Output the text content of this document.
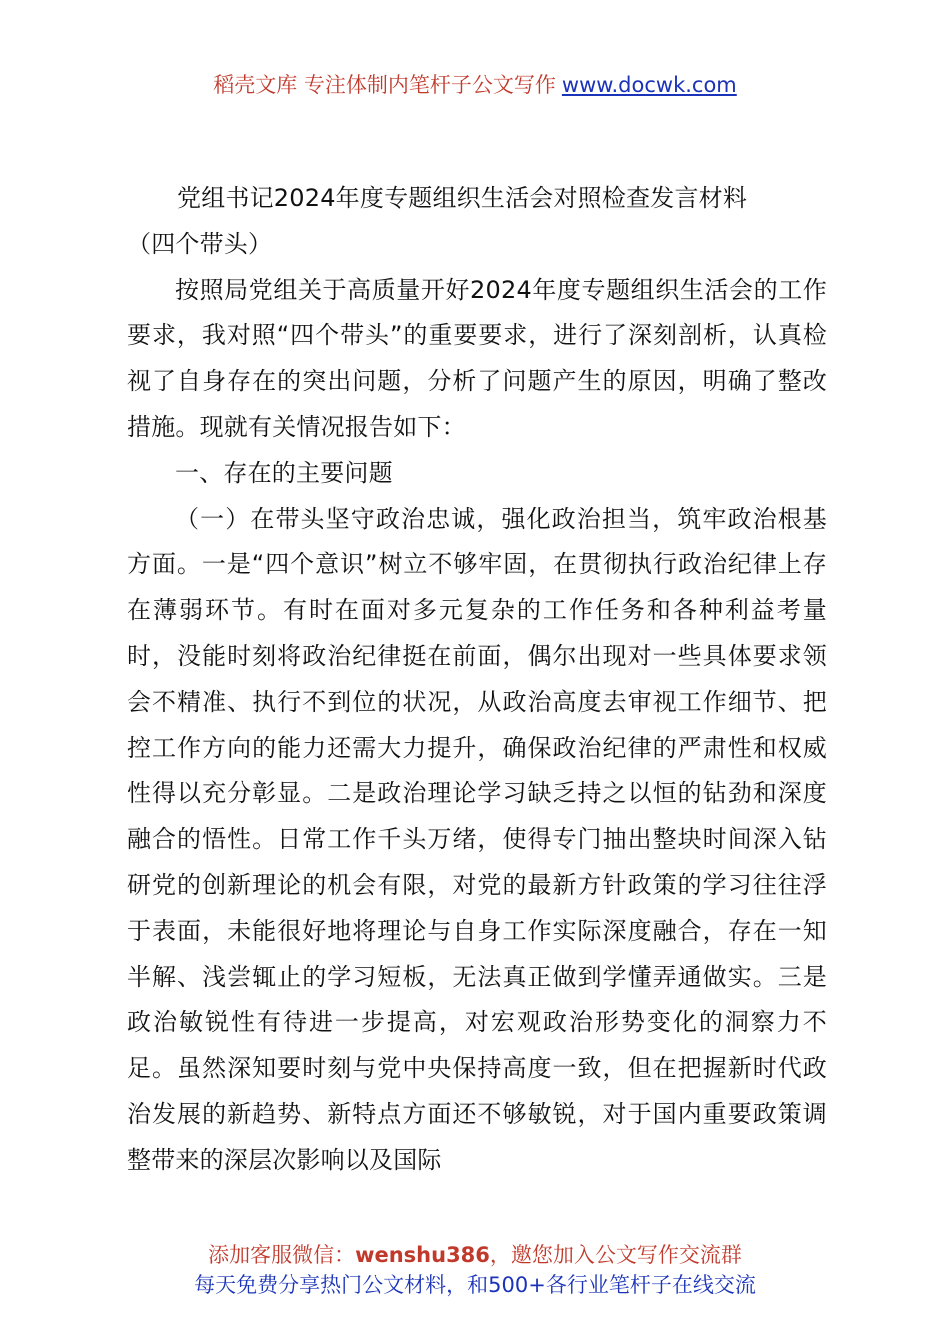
稻壳文库 专注体制内笔杆子公文写作 www.docwk.com
党组书记2024年度专题组织生活会对照检查发言材料
（四个带头）

按照局党组关于高质量开好2024年度专题组织生活会的工作要求，我对照“四个带头”的重要要求，进行了深刻剖析，认真检视了自身存在的突出问题，分析了问题产生的原因，明确了整改措施。现就有关情况报告如下：

一、存在的主要问题

（一）在带头坚守政治忠诚，强化政治担当，筑牢政治根基方面。一是“四个意识”树立不够牢固，在贯彻执行政治纪律上存在薄弱环节。有时在面对多元复杂的工作任务和各种利益考量时，没能时刻将政治纪律挺在前面，偶尔出现对一些具体要求领会不精准、执行不到位的状况，从政治高度去审视工作细节、把控工作方向的能力还需大力提升，确保政治纪律的严肃性和权威性得以充分彰显。二是政治理论学习缺乏持之以恒的钻劲和深度融合的悟性。日常工作千头万绪，使得专门抽出整块时间深入钻研党的创新理论的机会有限，对党的最新方针政策的学习往往浮于表面，未能很好地将理论与自身工作实际深度融合，存在一知半解、浅尝辄止的学习短板，无法真正做到学懂弄通做实。三是政治敏锐性有待进一步提高，对宏观政治形势变化的洞察力不足。虽然深知要时刻与党中央保持高度一致，但在把握新时代政治发展的新趋势、新特点方面还不够敏锐，对于国内重要政策调整带来的深层次影响以及国际

添加客服微信：wenshu386，邀您加入公文写作交流群
每天免费分享热门公文材料，和500+各行业笔杆子在线交流
